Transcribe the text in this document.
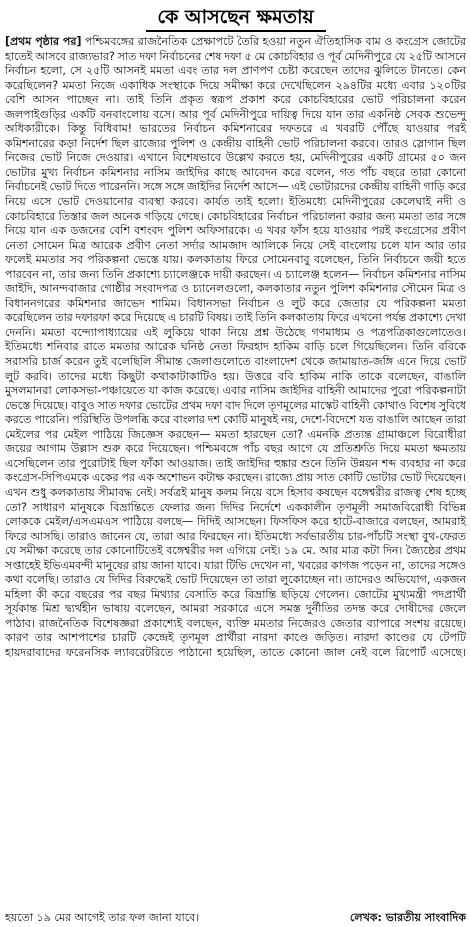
কে আসছেন ক্ষমতায়

[প্রথম পৃষ্ঠার পর] পশ্চিমবঙ্গের রাজনৈতিক প্রেক্ষাপটে তৈরি হওয়া নতুন ঐতিহাসিক বাম ও কংগ্রেস জোটের হাতেই আসবে রাজ্যভার? সাত দফা নির্বাচনের শেষ দফা ৫ মে কোচবিহার ও পূর্ব মেদিনীপুরে যে ২৫টি আসনে নির্বাচন হলো, সে ২৫টি আসনই মমতা এবং তার দল প্রাণপণ চেষ্টা করেছেন তাদের ঝুলিতে টানতে। কেন করেছিলেন? মমতা নিজে একাধিক সংস্থাকে দিয়ে সমীক্ষা করে দেখেছিলেন ২৯৪টির মধ্যে এবার ১২০টির বেশি আসন পাচ্ছেন না। তাই তিনি প্রকৃত স্বরূপ প্রকাশ করে কোচবিহারের ভোট পরিচালনা করেন জলপাইগুড়ির একটি বনবাংলোয় বসে। আর পূর্ব মেদিনীপুরে দায়িত্ব দিয়ে যান তার একনিষ্ঠ সেবক শুভেন্দু অধিকারীকে। কিন্তু বিধিবাম! ভারতের নির্বাচন কমিশনারের দফতরে এ খবরটি পৌঁছে যাওয়ার পরই কমিশনারের কড়া নির্দেশ ছিল রাজ্যের পুলিশ ও কেন্দ্রীয় বাহিনী ভোট পরিচালনা করবে। তারও স্লোগান ছিল নিজের ভোট নিজে দেওয়ার। এখানে বিশেষভাবে উল্লেখ করতে হয়, মেদিনীপুরের একটি গ্রামের ৫০ জন ভোটার মুখ্য নির্বাচন কমিশনার নাসিম জাইদির কাছে আবেদন করে বলেন, গত পাঁচ বছরে তারা কোনো নির্বাচনেই ভোট দিতে পারেননি। সঙ্গে সঙ্গে জাইদির নির্দেশ আসে— এই ভোটারদের কেন্দ্রীয় বাহিনী গাড়ি করে নিয়ে এসে ভোট দেওয়ানোর ব্যবস্থা করবে। কার্যত তাই হলো। ইতিমধ্যে মেদিনীপুরের কেলেঘাই নদী ও কোচবিহারে তিস্তার জল অনেক গড়িয়ে গেছে। কোচবিহারের নির্বাচন পরিচালনা করার জন্য মমতা তার সঙ্গে নিয়ে যান এক ডজনের বেশি বশংবদ পুলিশ অফিসারকে। এ খবর ফাঁস হয়ে যাওয়ার পরই কংগ্রেসের প্রবীণ নেতা সোমেন মিত্র আরেক প্রবীণ নেতা সর্দার আমজাদ আলিকে নিয়ে সেই বাংলোয় চলে যান আর তার ফলেই মমতার সব পরিকল্পনা ভেস্তে যায়। কলকাতায় ফিরে সোমেনবাবু বলেছেন, তিনি নির্বাচনে জয়ী হতে পারবেন না, তার জন্য তিনি প্রকাশ্যে চ্যালেঞ্জকে দায়ী করছেন। এ চ্যালেঞ্জ হলেন— নির্বাচন কমিশনার নাসিম জাইদি, আনন্দবাজার গোষ্ঠীর সংবাদপত্র ও চ্যানেলগুলো, কলকাতার নতুন পুলিশ কমিশনার সৌমেন মিত্র ও বিধাননগরের কমিশনার জাভেদ শামিম। বিধানসভা নির্বাচন ও লুট করে জেতার যে পরিকল্পনা মমতা করেছিলেন তার দফারফা করে দিয়েছে এ চারটি বিষয়। তাই তিনি কলকাতায় ফিরে এখনো পর্যন্ত প্রকাশ্যে দেখা দেননি। মমতা বন্দ্যোপাধ্যায়ের এই লুকিয়ে থাকা নিয়ে প্রশ্ন উঠেছে গণমাধ্যম ও পত্রপত্রিকাগুলোতেও। ইতিমধ্যে শনিবার রাতে মমতার আরেক ঘনিষ্ঠ নেতা ফিরহাদ হাকিম বাড়ি চলে গিয়েছিলেন। তিনি ববিকে সরাসরি চার্জ করেন তুই বলেছিলি সীমান্ত জেলাগুলোতে বাংলাদেশ থেকে জামায়াত-জঙ্গি এনে দিয়ে ভোট লুট করবি। তাদের মধ্যে কিছুটা কথাকাটাকাটিও হয়। উত্তরে ববি হাকিম নাকি তাকে বলেছেন, বাঙালি মুসলমানরা লোকসভা-পঞ্চায়েতে যা কাজ করেছে। এবার নাসিম জাইদির বাহিনী আমাদের পুরো পরিকল্পনাটা ভেস্তে দিয়েছে। বাবুও সাত দফার ভোটের প্রথম দফা বাদ দিলে তৃণমূলের মাস্কেট বাহিনী কোথাও বিশেষ সুবিধে করতে পারেনি। পরিস্থিতি উপলব্ধি করে বাংলার দশ কোটি মানুষই নয়, দেশে-বিদেশে যত বাঙালি আছেন তারা মেইলের পর মেইল পাঠিয়ে জিজ্ঞেস করছেন— মমতা হারছেন তো? এমনকি প্রত্যন্ত গ্রামাঞ্চলে বিরোধীরা জয়ের আগাম উল্লাস শুরু করে দিয়েছেন। পশ্চিমবঙ্গে পাঁচ বছর আগে যে প্রতিশ্রুতি দিয়ে মমতা ক্ষমতায় এসেছিলেন তার পুরোটাই ছিল ফাঁকা আওয়াজ। তাই জাইদির হুঙ্কার শুনে তিনি উন্নয়ন শব্দ ব্যবহার না করে কংগ্রেস-সিপিএমকে একের পর এক অশোভন কটাক্ষ করছেন। রাজ্যে প্রায় সাত কোটি ভোটার ভোট দিয়েছেন। এখন শুধু কলকাতায় সীমাবদ্ধ নেই। সর্বত্রই মানুষ কলম নিয়ে বসে হিসাব কষছেন বঙ্গেশ্বরীর রাজত্ব শেষ হচ্ছে তো? সাধারণ মানুষকে বিভ্রান্তিতে ফেলার জন্য দিদির নির্দেশে এককালীন তৃণমূলী সমাজবিরোধী বিভিন্ন লোককে মেইল/এসএমএস পাঠিয়ে বলছে— দিদিই আসছেন। ফিসফিস করে হাটে-বাজারে বলছেন, আমরাই ফিরে আসছি। তারাও জানেন যে, তারা আর ফিরছেন না। ইতিমধ্যে সর্বভারতীয় চার-পাঁচটি সংস্থা বুথ-ফেরত যে সমীক্ষা করেছে তার কোনোটিতেই বঙ্গেশ্বরীর দল এগিয়ে নেই। ১৯ মে. আর মাত্র কটা দিন। জ্যৈষ্ঠের প্রথম সপ্তাহেই ইভিএমবন্দী মানুষের রায় জানা যাবে। যারা টিভি দেখেন না, খবরের কাগজ পড়েন না, তাদের সঙ্গেও কথা বলেছি। তারাও যে দিদির বিরুদ্ধেই ভোট দিয়েছেন তা তারা লুকোচ্ছেন না। তাদেরও অভিযোগ, একজন মহিলা কী করে বছরের পর বছর মিথ্যার বেসাতি করে বিভ্রান্তি ছড়িয়ে গেলেন। জোটের মুখ্যমন্ত্রী পদপ্রার্থী সূর্যকান্ত মিশ্র দ্ব্যর্থহীন ভাষায় বলেছেন, আমরা সরকারে এসে সমস্ত দুর্নীতির তদন্ত করে দোষীদের জেলে পাঠাব। রাজনৈতিক বিশেষজ্ঞরা প্রকাশ্যেই বলছেন, ব্যক্তি মমতার নিজেরও জেতার ব্যাপারে সংশয় রয়েছে। কারণ তার আশপাশের চারটি কেন্দ্রেই তৃণমূল প্রার্থীরা নারদা কাণ্ডে জড়িত। নারদা কাণ্ডের যে টেপটি হায়দরাবাদের ফরেনসিক ল্যাবরেটরিতে পাঠানো হয়েছিল, তাতে কোনো জাল নেই বলে রিপোর্ট এসেছে।

হয়তো ১৯ মের আগেই তার ফল জানা যাবে।	লেখক: ভারতীয় সাংবাদিক
